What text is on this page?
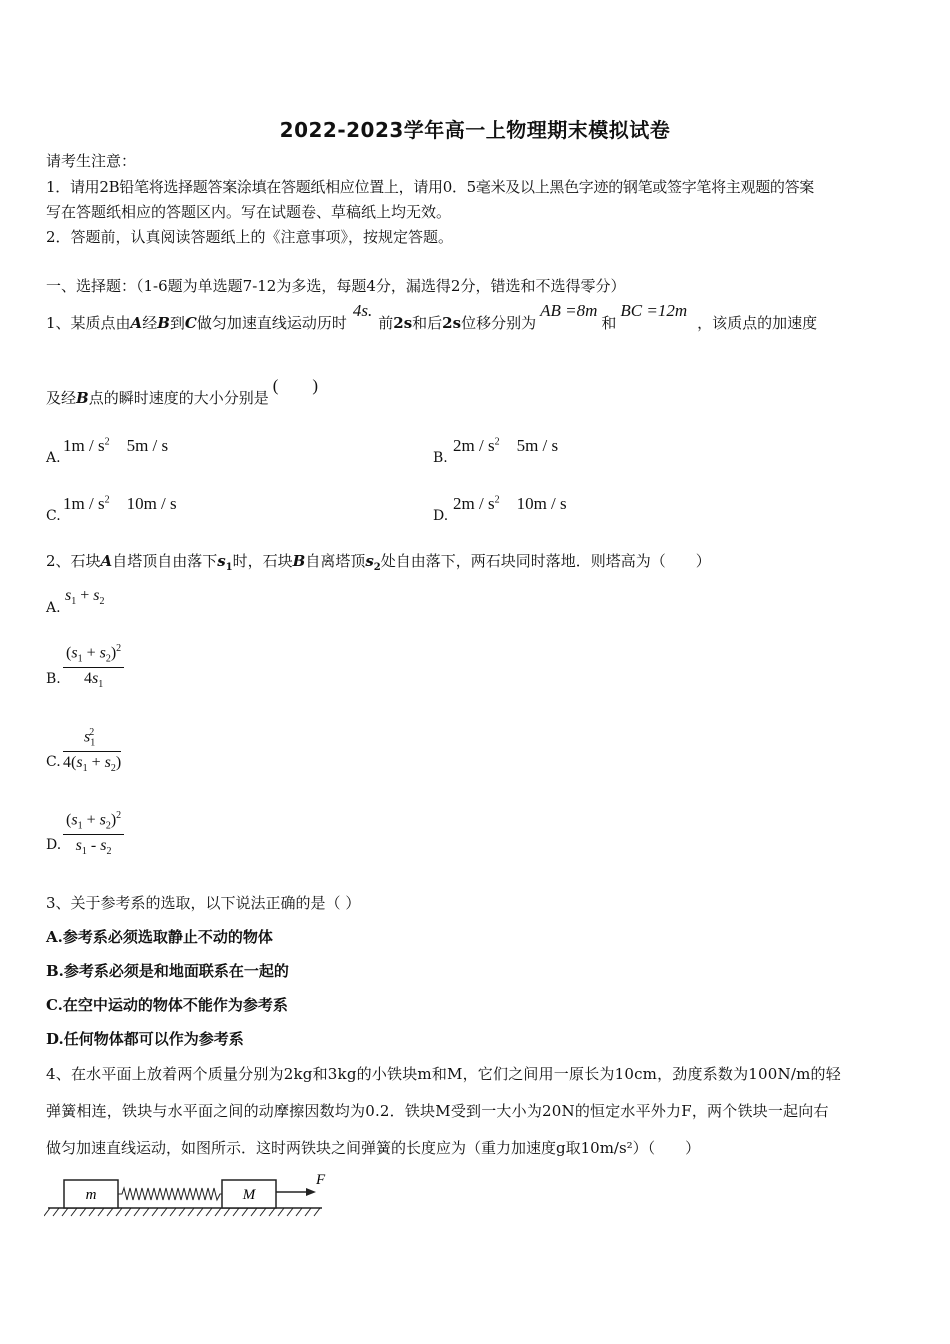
2022-2023学年高一上物理期末模拟试卷
请考生注意：
1．请用2B铅笔将选择题答案涂填在答题纸相应位置上，请用0．5毫米及以上黑色字迹的钢笔或签字笔将主观题的答案
写在答题纸相应的答题区内。写在试题卷、草稿纸上均无效。
2．答题前，认真阅读答题纸上的《注意事项》，按规定答题。
一、选择题：（1-6题为单选题7-12为多选，每题4分，漏选得2分，错选和不选得零分）
1、某质点由A经B到C做匀加速直线运动历时4s.前2s和后2s位移分别为AB =8m和BC =12m，该质点的加速度
及经B点的瞬时速度的大小分别是(　　)
A.
$1m / s^2$ 5m / s
B.
$2m / s^2$ 5m / s
C.
$1m / s^2$ 10m / s
D.
$2m / s^2$ 10m / s
2、石块A自塔顶自由落下$s_1$时，石块B自离塔顶$s_2$处自由落下，两石块同时落地．则塔高为（　　）
A.
$s_1 + s_2$
B. $\frac{(s_1 + s_2)^2}{4s_1}$
C. $\frac{s_1^2}{4(s_1 + s_2)}$
D. $\frac{(s_1 + s_2)^2}{s_1 - s_2}$
3、关于参考系的选取，以下说法正确的是（ ）
A.参考系必须选取静止不动的物体
B.参考系必须是和地面联系在一起的
C.在空中运动的物体不能作为参考系
D.任何物体都可以作为参考系
4、在水平面上放着两个质量分别为2kg和3kg的小铁块m和M，它们之间用一原长为10cm，劲度系数为100N/m的轻
弹簧相连，铁块与水平面之间的动摩擦因数均为0.2．铁块M受到一大小为20N的恒定水平外力F，两个铁块一起向右
做匀加速直线运动，如图所示．这时两铁块之间弹簧的长度应为（重力加速度g取10m/s²）（　　）
m	M
F
